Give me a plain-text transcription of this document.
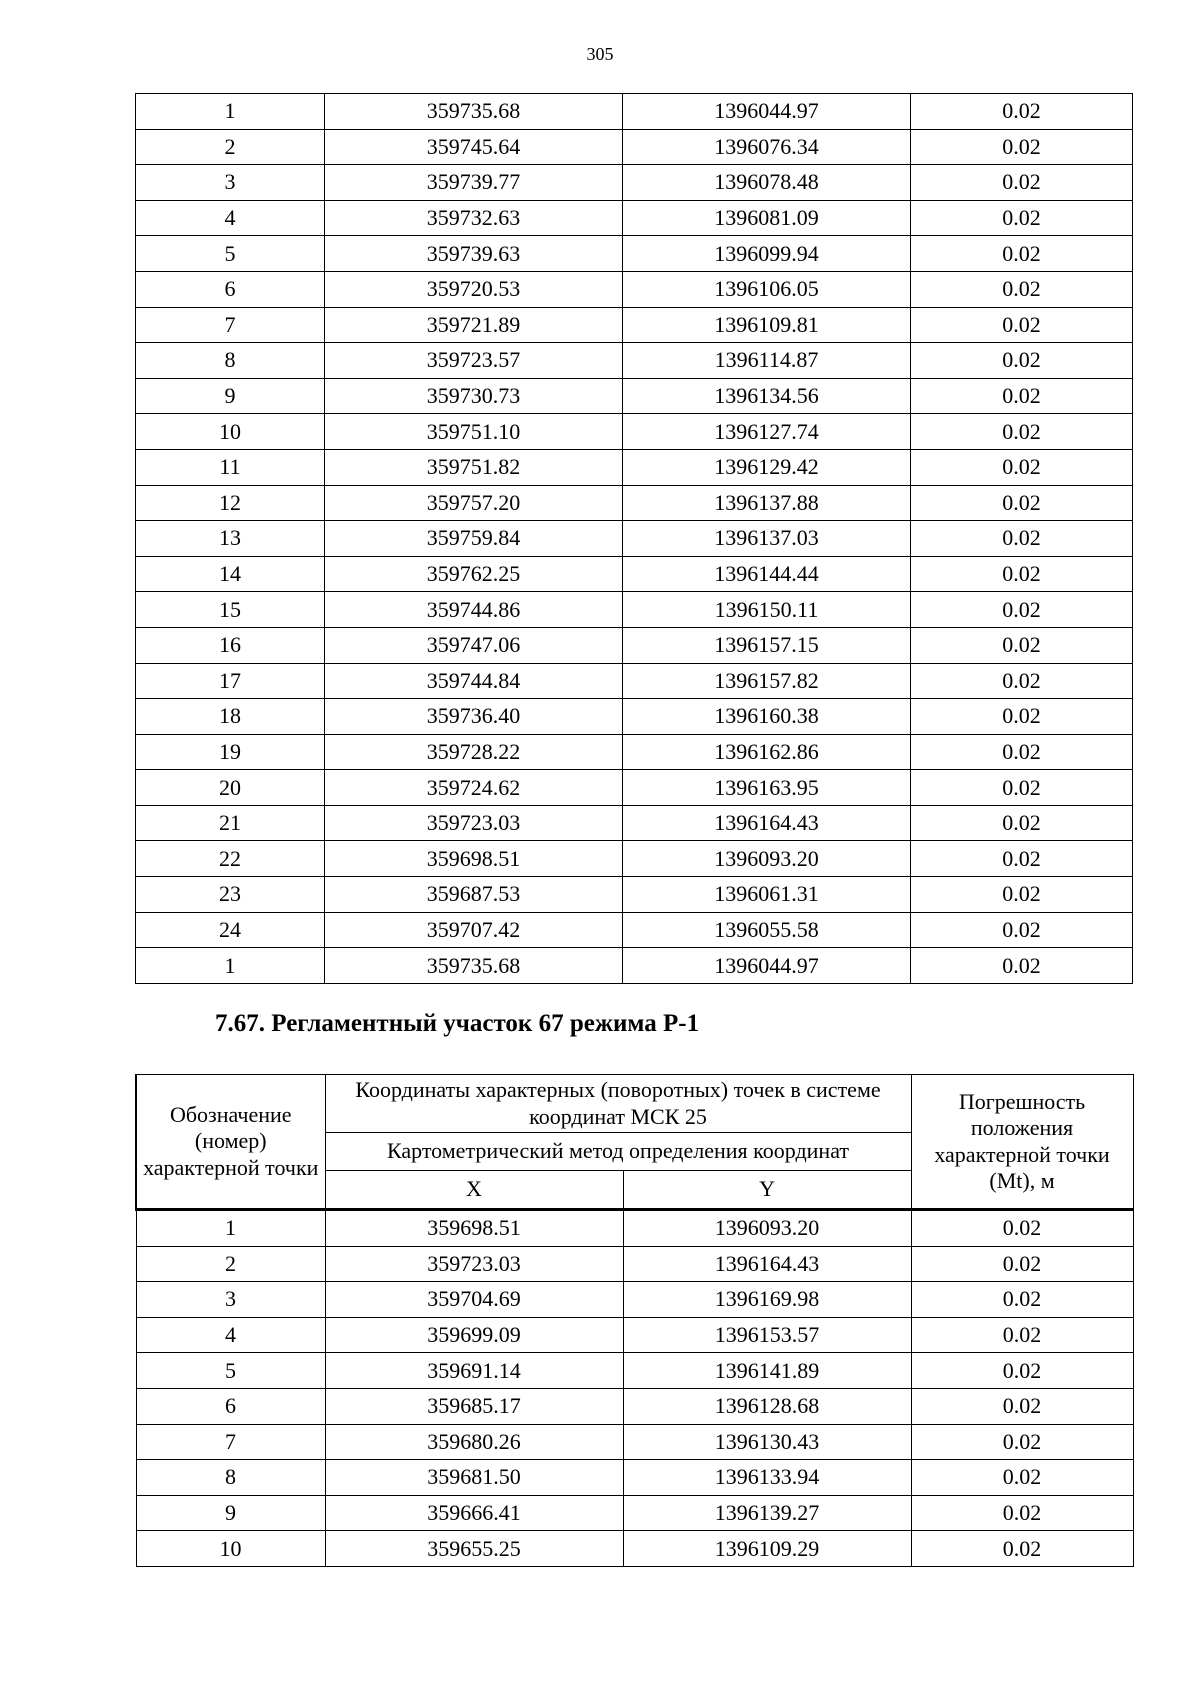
305
1	359735.68	1396044.97	0.02
2	359745.64	1396076.34	0.02
3	359739.77	1396078.48	0.02
4	359732.63	1396081.09	0.02
5	359739.63	1396099.94	0.02
6	359720.53	1396106.05	0.02
7	359721.89	1396109.81	0.02
8	359723.57	1396114.87	0.02
9	359730.73	1396134.56	0.02
10	359751.10	1396127.74	0.02
11	359751.82	1396129.42	0.02
12	359757.20	1396137.88	0.02
13	359759.84	1396137.03	0.02
14	359762.25	1396144.44	0.02
15	359744.86	1396150.11	0.02
16	359747.06	1396157.15	0.02
17	359744.84	1396157.82	0.02
18	359736.40	1396160.38	0.02
19	359728.22	1396162.86	0.02
20	359724.62	1396163.95	0.02
21	359723.03	1396164.43	0.02
22	359698.51	1396093.20	0.02
23	359687.53	1396061.31	0.02
24	359707.42	1396055.58	0.02
1	359735.68	1396044.97	0.02
7.67. Регламентный участок 67 режима Р-1
Обозначение (номер) характерной точки	Координаты характерных (поворотных) точек в системе координат МСК 25		Погрешность положения характерной точки (Mt), м
	Картометрический метод определения координат		
	X	Y	
1	359698.51	1396093.20	0.02
2	359723.03	1396164.43	0.02
3	359704.69	1396169.98	0.02
4	359699.09	1396153.57	0.02
5	359691.14	1396141.89	0.02
6	359685.17	1396128.68	0.02
7	359680.26	1396130.43	0.02
8	359681.50	1396133.94	0.02
9	359666.41	1396139.27	0.02
10	359655.25	1396109.29	0.02
